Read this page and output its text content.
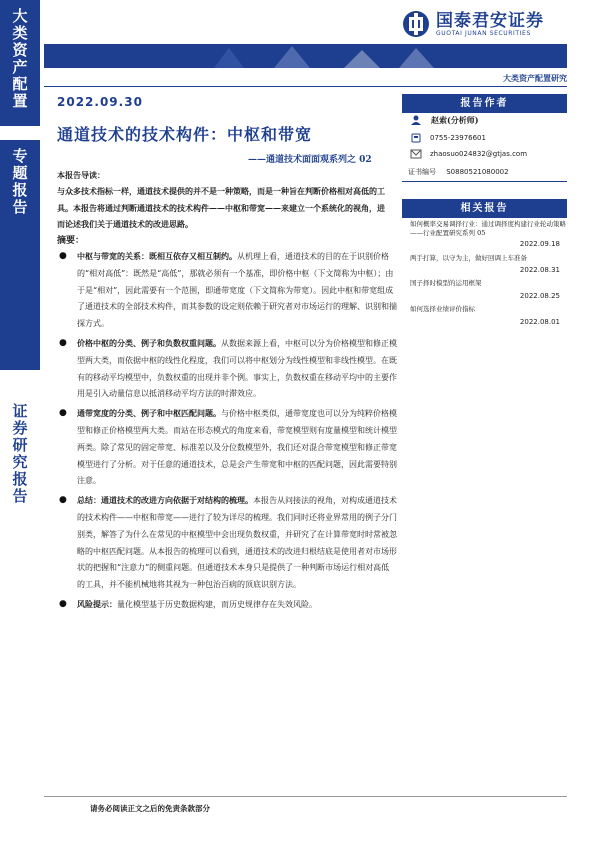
大类资产配置
专题报告
证券研究报告
国泰君安证券
GUOTAI JUNAN SECURITIES
大类资产配置研究
2022.09.30
通道技术的技术构件：中枢和带宽
——通道技术面面观系列之 02
本报告导读：
与众多技术指标一样，通道技术提供的并不是一种策略，而是一种旨在判断价格相对高低的工具。本报告将通过判断通道技术的技术构件——中枢和带宽——来建立一个系统化的视角，进而论述我们关于通道技术的改进思路。
摘要：
● 中枢与带宽的关系：既相互依存又相互制约。从机理上看，通道技术的目的在于识别价格的“相对高低”：既然是“高低”，那就必须有一个基准，即价格中枢（下文简称为中枢）；由于是“相对”，因此需要有一个范围，即通带宽度（下文简称为带宽）。因此中枢和带宽组成了通道技术的全部技术构件，而其参数的设定则依赖于研究者对市场运行的理解、识别和揣探方式。
● 价格中枢的分类、例子和负数权重问题。从数据来源上看，中枢可以分为价格模型和修正模型两大类，而依据中枢的线性化程度，我们可以将中枢划分为线性模型和非线性模型。在既有的移动平均模型中，负数权重的出现并非个例。事实上，负数权重在移动平均中的主要作用是引入动量信息以抵消移动平均方法的时滞效应。
● 通带宽度的分类、例子和中枢匹配问题。与价格中枢类似，通带宽度也可以分为纯粹价格模型和修正价格模型两大类。而站在形态模式的角度来看，带宽模型则有度量模型和统计模型两类。除了常见的固定带宽、标准差以及分位数模型外，我们还对混合带宽模型和修正带宽模型进行了分析。对于任意的通道技术，总是会产生带宽和中枢的匹配问题，因此需要特别注意。
● 总结：通道技术的改进方向依据于对结构的梳理。本报告从问接法的视角，对构成通道技术的技术构件——中枢和带宽——进行了较为详尽的梳理。我们同时还将业界常用的例子分门别类，解答了为什么在常见的中枢模型中会出现负数权重，并研究了在计算带宽时时常被忽略的中枢匹配问题。从本报告的梳理可以看到，通道技术的改进归根结底是使用者对市场形状的把握和“注意力”的侧重问题。但通道技术本身只是提供了一种判断市场运行相对高低的工具，并不能机械地将其视为一种包治百病的顶底识别方法。
● 风险提示：量化模型基于历史数据构建，而历史规律存在失效风险。
报告作者
赵索(分析师)
0755-23976601
zhaosuo024832@gtjas.com
证书编号 S0880521080002
相关报告
如何概率交易调择行业：通过调择度构建行业轮动策略——行业配置研究系列 05
2022.09.18
两手打算，以守为主，做好回调上车准备
2022.08.31
国子择时模型的运用框架
2022.08.25
如何选择业绩评价指标
2022.08.01
请务必阅读正文之后的免责条款部分
